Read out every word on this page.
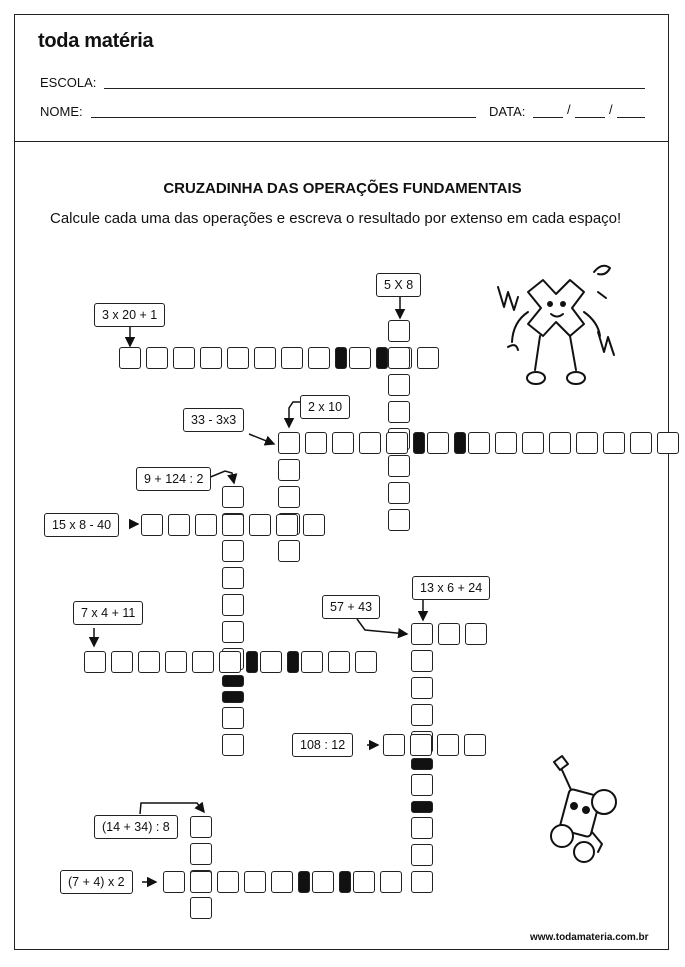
toda matéria
ESCOLA:
NOME:	DATA:	/	/
CRUZADINHA DAS OPERAÇÕES FUNDAMENTAIS
Calcule cada uma das operações e escreva o resultado por extenso em cada espaço!
3 x 20 + 1
5 X 8
33 - 3x3
2 x 10
9 + 124 : 2
15 x 8 - 40
57 + 43
13 x 6 + 24
7 x 4 + 11
108 : 12
(14 + 34) : 8
(7 + 4) x 2
www.todamateria.com.br
